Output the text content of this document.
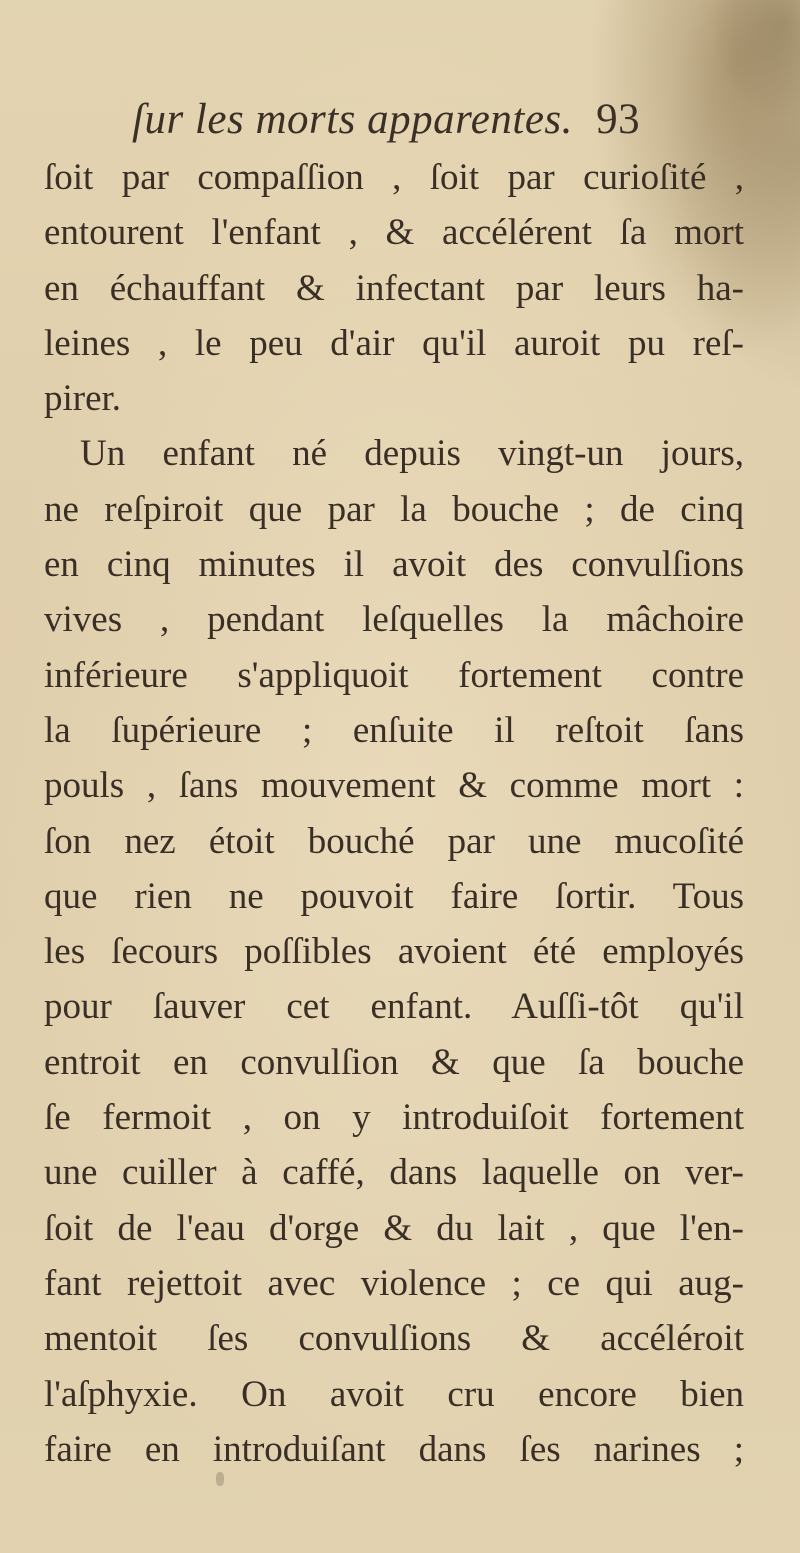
ſur les morts apparentes. 93
ſoit par compaſſion , ſoit par curioſité ,
entourent l'enfant , & accélérent ſa mort
en échauffant & infectant par leurs ha-
leines , le peu d'air qu'il auroit pu reſ-
pirer.
Un enfant né depuis vingt-un jours,
ne reſpiroit que par la bouche ; de cinq
en cinq minutes il avoit des convulſions
vives , pendant leſquelles la mâchoire
inférieure s'appliquoit fortement contre
la ſupérieure ; enſuite il reſtoit ſans
pouls , ſans mouvement & comme mort :
ſon nez étoit bouché par une mucoſité
que rien ne pouvoit faire ſortir. Tous
les ſecours poſſibles avoient été employés
pour ſauver cet enfant. Auſſi-tôt qu'il
entroit en convulſion & que ſa bouche
ſe fermoit , on y introduiſoit fortement
une cuiller à caffé, dans laquelle on ver-
ſoit de l'eau d'orge & du lait , que l'en-
fant rejettoit avec violence ; ce qui aug-
mentoit ſes convulſions & accéléroit
l'aſphyxie. On avoit cru encore bien
faire en introduiſant dans ſes narines ;
